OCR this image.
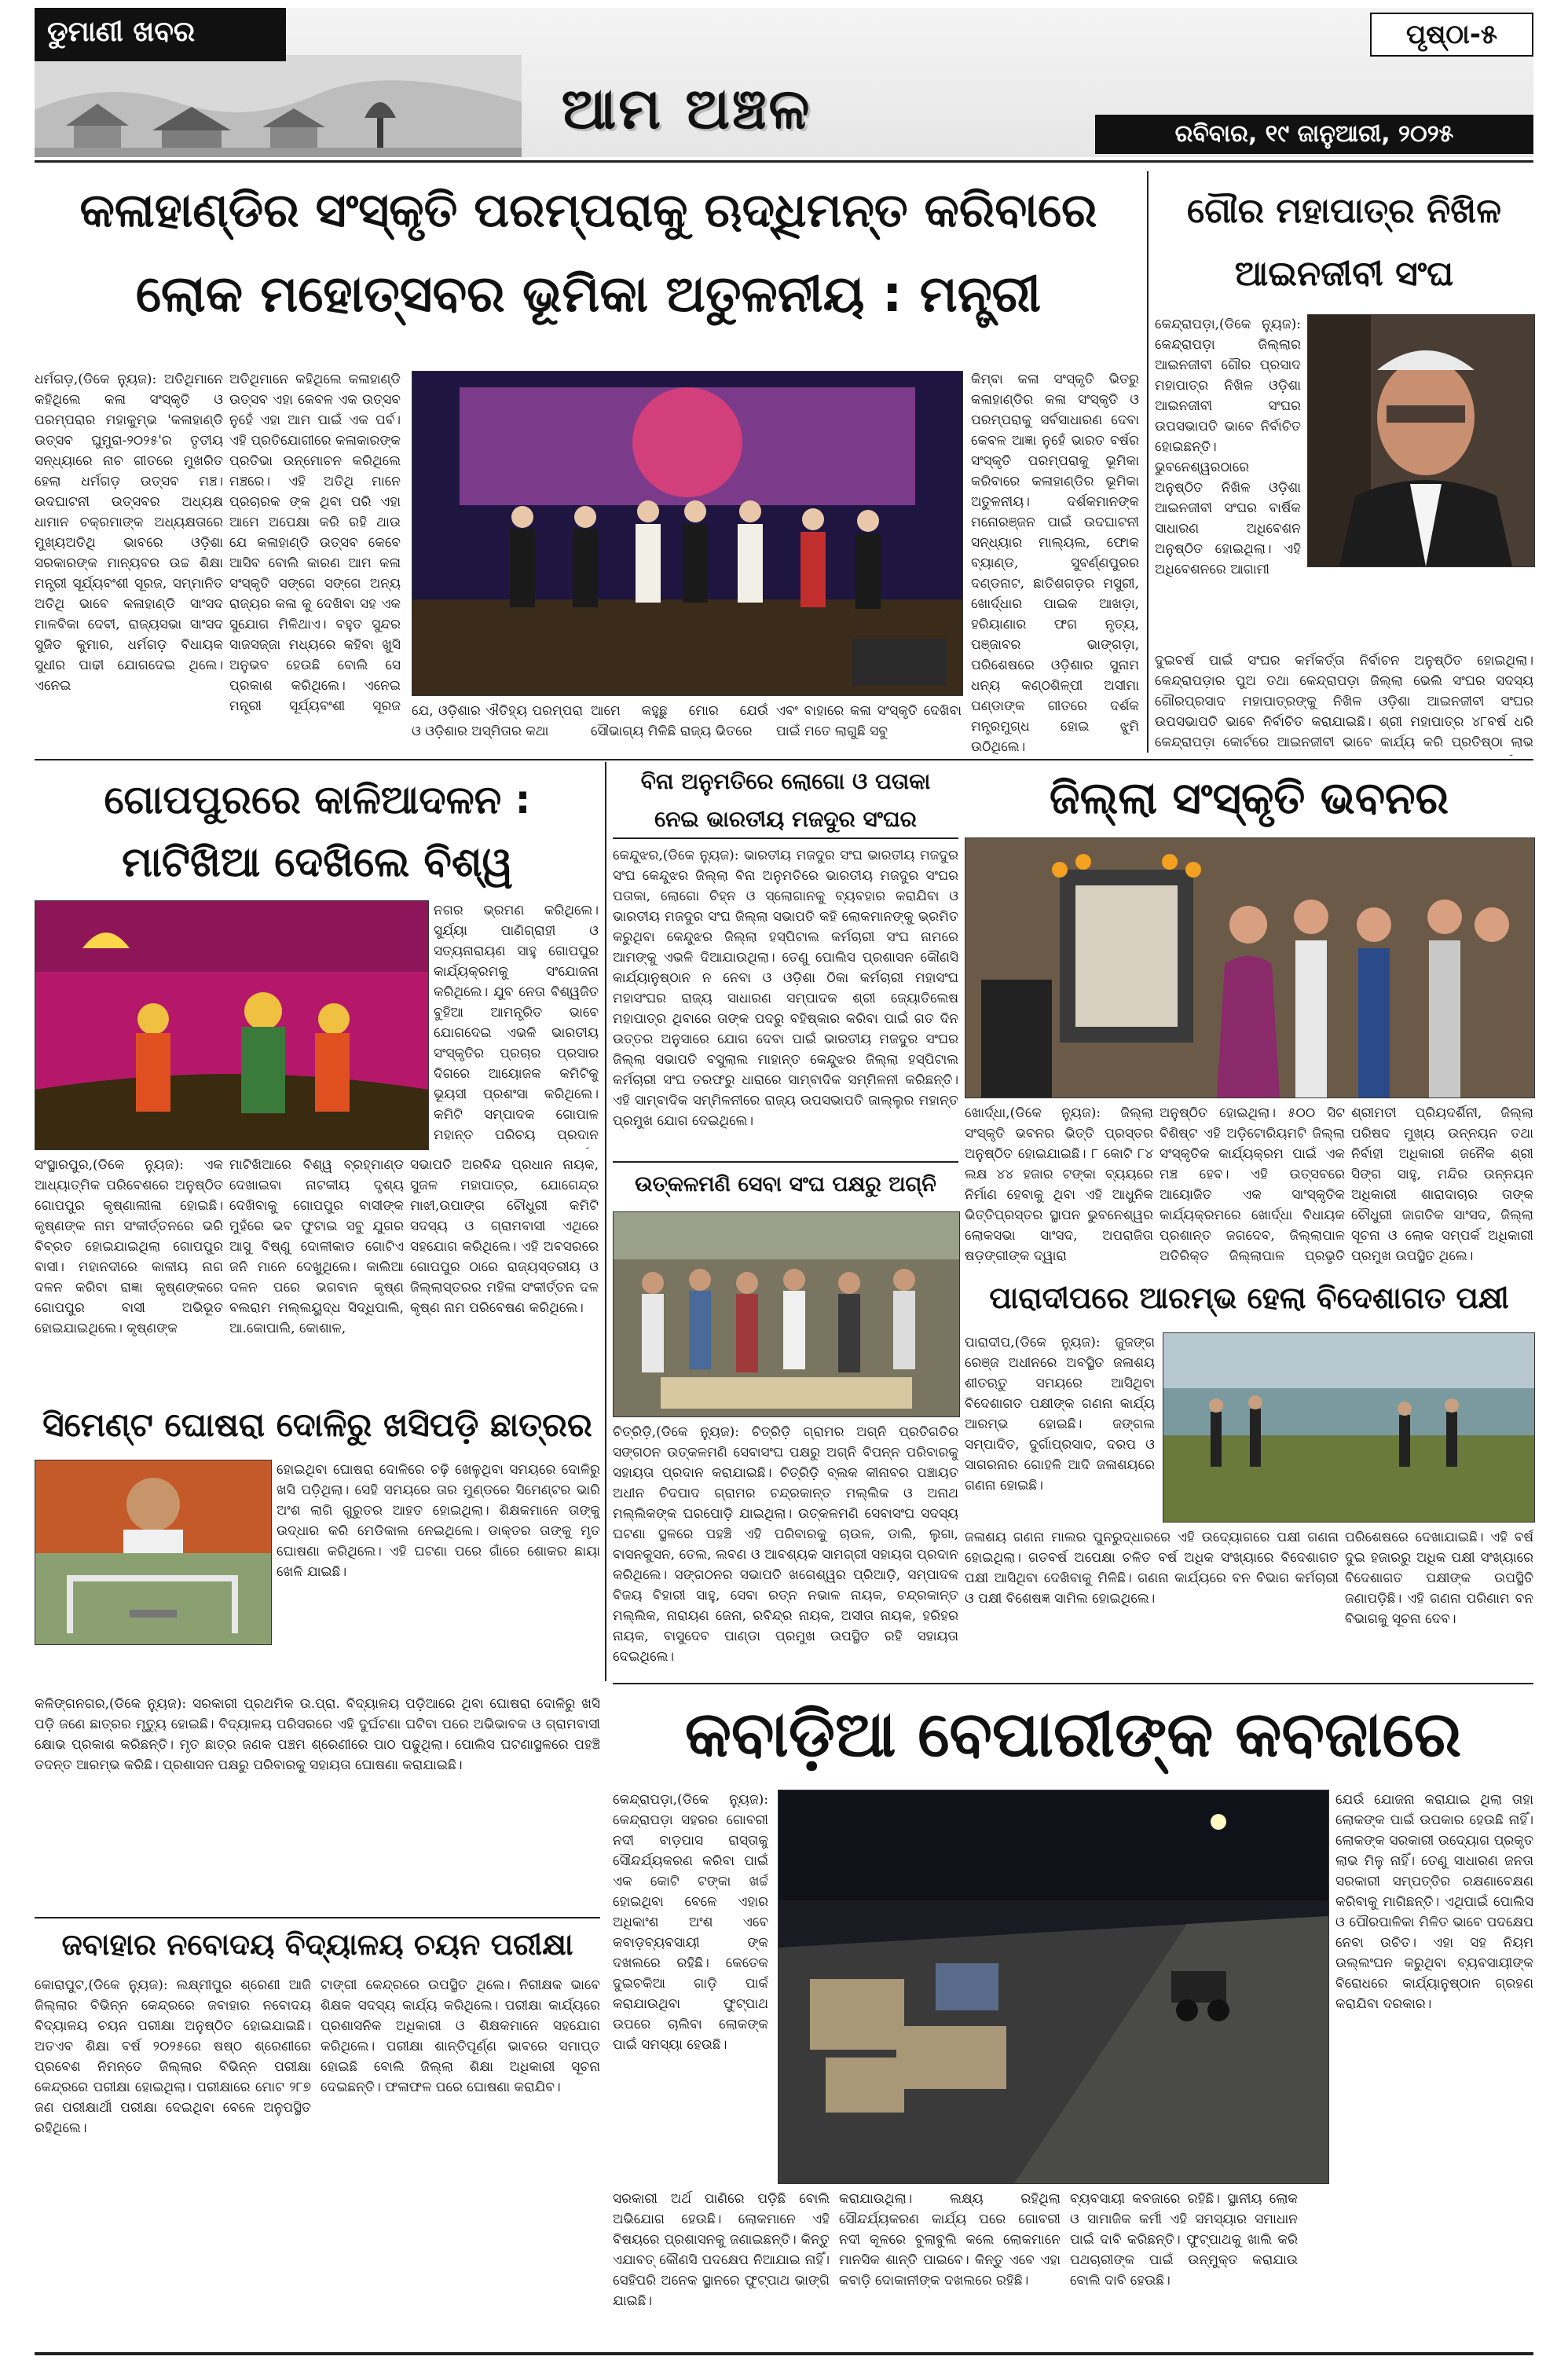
ଡୁମାଣୀ ଖବର
ଆମ ଅଞ୍ଚଳ
ପୃଷ୍ଠା-୫
ରବିବାର, ୧୯ ଜାନୁଆରୀ, ୨୦୨୫
କଳାହାଣ୍ଡିର ସଂସ୍କୃତି ପରମ୍ପରାକୁ ଋଦ୍ଧିମନ୍ତ କରିବାରେ
ଲୋକ ମହୋତ୍ସବର ଭୂମିକା ଅତୁଳନୀୟ : ମନ୍ତ୍ରୀ
ଧର୍ମଗଡ଼,(ଡିକେ ନ୍ୟୁଜ): ଅତିଥିମାନେ କହିଥିଲେ କଳା ସଂସ୍କୃତି ଓ ପରମ୍ପରାର ମହାକୁମ୍ଭ 'କଳାହାଣ୍ଡି ଉତ୍ସବ ଘୁମୁରା-୨୦୨୫'ର ତୃତୀୟ ସନ୍ଧ୍ୟାରେ ନାଚ ଗୀତରେ ମୁଖରିତ ହେଲା ଧର୍ମଗଡ଼ ଉତ୍ସବ ମଞ୍ଚ। ଉଦଘାଟନୀ ଉତ୍ସବର ଅଧ୍ୟକ୍ଷ ଧାମାନ ଚକ୍ରମାଙ୍କ ଅଧ୍ୟକ୍ଷତାରେ ମୁଖ୍ୟଅତିଥି ଭାବରେ ଓଡ଼ିଶା ସରକାରଙ୍କ ମାନ୍ୟବର ଉଚ୍ଚ ଶିକ୍ଷା ମନ୍ତ୍ରୀ ସୂର୍ଯ୍ୟବଂଶୀ ସୂରଜ, ସମ୍ମାନିତ ଅତିଥି ଭାବେ କଳାହାଣ୍ଡି ସାଂସଦ ମାଳବିକା ଦେବୀ, ରାଜ୍ୟସଭା ସାଂସଦ ସୁଜିତ କୁମାର, ଧର୍ମଗଡ଼ ବିଧାୟକ ସୁଧୀର ପାଢୀ ଯୋଗଦେଇ ଥିଲେ। ଏନେଇ
ଅତିଥିମାନେ କହିଥିଲେ କଳାହାଣ୍ଡି ଉତ୍ସବ ଏହା କେବଳ ଏକ ଉତ୍ସବ ନୁହେଁ ଏହା ଆମ ପାଇଁ ଏକ ପର୍ବ। ଏହି ପ୍ରତିଯୋଗୀରେ କଳାକାରଙ୍କ ପ୍ରତିଭା ଉନ୍ମୋଚନ କରିଥିଲେ ମଞ୍ଚରେ। ଏହି ଅତିଥି ମାନେ ପ୍ରଚାରକ ଙ୍କ ଥିବା ପରି ଏହା ଆମେ ଅପେକ୍ଷା କରି ରହି ଥାଉ ଯେ କଳାହାଣ୍ଡି ଉତ୍ସବ କେବେ ଆସିବ ବୋଲି କାରଣ ଆମ କଳା ସଂସ୍କୃତି ସଙ୍ଗେ ସଙ୍ଗେ ଅନ୍ୟ ରାଜ୍ୟର କଳା କୁ ଦେଖିବା ସହ ଏକ ସୁଯୋଗ ମିଳିଥାଏ। ବହୁତ ସୁନ୍ଦର ସାଜସଜ୍ଜା ମଧ୍ୟରେ କହିବା ଖୁସି ଅନୁଭବ ହେଉଛି ବୋଲି ସେ ପ୍ରକାଶ କରିଥିଲେ। ଏନେଇ ମନ୍ତ୍ରୀ ସୂର୍ଯ୍ୟବଂଶୀ ସୂରଜ ଯେ, ଓଡ଼ିଶାର ଐତିହ୍ୟ ପରମ୍ପରା ଓ ଓଡ଼ିଶାର ଅସ୍ମିତାର କଥା
ଆମେ କହୁଛୁ ମୋର ଯେଉଁ ସୌଭାଗ୍ୟ ମିଳିଛି ରାଜ୍ୟ ଭିତରେ
ଏବଂ ବାହାରେ କଳା ସଂସ୍କୃତି ଦେଖିବା ପାଇଁ ମତେ ଲାଗୁଛି ସବୁ
କିମ୍ବା କଳା ସଂସ୍କୃତି ଭିତରୁ କଳାହାଣ୍ଡିର କଳା ସଂସ୍କୃତି ଓ ପରମ୍ପରାକୁ ସର୍ବସାଧାରଣ ଦେବା କେବଳ ଆଜ୍ଞା ନୁହେଁ ଭାରତ ବର୍ଷର ସଂସ୍କୃତି ପରମ୍ପରାକୁ ଭୂମିକା କରିବାରେ କଳାହାଣ୍ଡିର ଭୂମିକା ଅତୁଳନୀୟ। ଦର୍ଶକମାନଙ୍କ ମନୋରଞ୍ଜନ ପାଇଁ ଉଦଘାଟନୀ ସନ୍ଧ୍ୟାର ମାଲ୍ୟଲ, ଫୋକ ବ୍ୟାଣ୍ଡ, ସୁବର୍ଣ୍ଣପୁରର ଦଣ୍ଡନାଟ, ଛାତିଶଗଡ଼ର ମସୁରୀ, ଖୋର୍ଦ୍ଧାର ପାଇକ ଆଖଡ଼ା, ହରିୟାଣାର ଫଗ ନୃତ୍ୟ, ପଞ୍ଜାବର ଭାଙ୍ଗଡ଼ା, ପରିଶେଷରେ ଓଡ଼ିଶାର ସୁନାମ ଧନ୍ୟ କଣ୍ଠଶିଳ୍ପୀ ଅସୀମା ପଣ୍ଡାଙ୍କ ଗୀତରେ ଦର୍ଶକ ମନ୍ତ୍ରମୁଗ୍ଧ ହୋଇ ଝୁମି ଉଠିଥିଲେ।
ଗୌର ମହାପାତ୍ର ନିଖିଳ
ଆଇନଜୀବୀ ସଂଘ
କେନ୍ଦ୍ରାପଡ଼ା,(ଡିକେ ନ୍ୟୁଜ): କେନ୍ଦ୍ରାପଡ଼ା ଜିଲ୍ଲାର ଆଇନଜୀବୀ ଗୌର ପ୍ରସାଦ ମହାପାତ୍ର ନିଖିଳ ଓଡ଼ିଶା ଆଇନଜୀବୀ ସଂଘର ଉପସଭାପତି ଭାବେ ନିର୍ବାଚିତ ହୋଇଛନ୍ତି। ଭୁବନେଶ୍ୱରଠାରେ ଅନୁଷ୍ଠିତ ନିଖିଳ ଓଡ଼ିଶା ଆଇନଜୀବୀ ସଂଘର ବାର୍ଷିକ ସାଧାରଣ ଅଧିବେଶନ ଅନୁଷ୍ଠିତ ହୋଇଥିଲା। ଏହି ଅଧିବେଶନରେ ଆଗାମୀ
ଦୁଇବର୍ଷ ପାଇଁ ସଂଘର କର୍ମକର୍ତ୍ତା ନିର୍ବାଚନ ଅନୁଷ୍ଠିତ ହୋଇଥିଲା। କେନ୍ଦ୍ରାପଡ଼ାର ପୁଅ ତଥା କେନ୍ଦ୍ରାପଡ଼ା ଜିଲ୍ଲା ଭେଲି ସଂଘର ସଦସ୍ୟ ଗୌରପ୍ରସାଦ ମହାପାତ୍ରଙ୍କୁ ନିଖିଳ ଓଡ଼ିଶା ଆଇନଜୀବୀ ସଂଘର ଉପସଭାପତି ଭାବେ ନିର୍ବାଚିତ କରାଯାଇଛି। ଶ୍ରୀ ମହାପାତ୍ର ୪୮ବର୍ଷ ଧରି କେନ୍ଦ୍ରାପଡ଼ା କୋର୍ଟରେ ଆଇନଜୀବୀ ଭାବେ କାର୍ଯ୍ୟ କରି ପ୍ରତିଷ୍ଠା ଲାଭ
ଗୋପପୁରରେ କାଳିଆଦଳନ :
ମାଟିଖିଆ ଦେଖିଲେ ବିଶ୍ୱ
ନଗର ଭ୍ରମଣ କରିଥିଲେ। ସୁର୍ଯ୍ୟା ପାଣିଗ୍ରାହୀ ଓ ସତ୍ୟନାରାୟଣ ସାହୁ ଗୋପପୁର କାର୍ଯ୍ୟକ୍ରମକୁ ସଂଯୋଜନା କରିଥିଲେ। ଯୁବ ନେତା ବିଶ୍ୱଜିତ ବୁହିଆ ଆମନ୍ତ୍ରିତ ଭାବେ ଯୋଗଦେଇ ଏଭଳି ଭାରତୀୟ ସଂସ୍କୃତିର ପ୍ରଚାର ପ୍ରସାର ଦିଗରେ ଆୟୋଜକ କମିଟିକୁ ଭୂୟସୀ ପ୍ରଶଂସା କରିଥିଲେ। କମିଟି ସମ୍ପାଦକ ଗୋପାଳ ମହାନ୍ତ ପରିଚୟ ପ୍ରଦାନ
ସଂସ୍ଥାରପୁର,(ଡିକେ ନ୍ୟୁଜ): ଏକ ଆଧ୍ୟାତ୍ମିକ ପରିବେଶରେ ଅନୁଷ୍ଠିତ ଗୋପପୁର କୃଷ୍ଣାଲୀଳା ହୋଇଛି। କୃଷ୍ଣଙ୍କ ନାମ ସଂକୀର୍ତ୍ତନରେ ଭରି ବିବ୍ରତ ହୋଇଯାଇଥିଲା ଗୋପପୁର ବାସୀ। ମହାନଦୀରେ କାଳୀୟ ନାଗ ଦଳନ କରିବା ରାଜ୍ଞା କୃଷ୍ଣଙ୍କରେ ଗୋପପୁର ବାସୀ ଅଭିଭୂତ ହୋଇଯାଇଥିଲେ। କୃଷ୍ଣଙ୍କ
ମାଟିଖିଆରେ ବିଶ୍ୱ ବ୍ରହ୍ମାଣ୍ଡ ଦେଖାଇବା ନାଟକୀୟ ଦୃଶ୍ୟ ଦେଖିବାକୁ ଗୋପପୁର ବାସୀଙ୍କ ମୁହଁରେ ଭବ ଫୁଟାଇ ସବୁ ଯୁଗର ଆସୁ ବିଷ୍ଣୁ ଦୋଳୀକାଡ ଗୋଟିଏ ଜନି ମାନେ ଦେଖୁଥିଲେ। କାଲିଆ ଦଳନ ପରେ ଭଗବାନ କୃଷ୍ଣ ବଲରାମ ମଲ୍ଲୟୁଦ୍ଧ ସିଦ୍ଧିପାଲି, ଆ.କୋପାଲି, କୋଶାଳ,
ସଭାପତି ଅରବିନ୍ଦ ପ୍ରଧାନ ନାୟକ, ସୁଜଳ ମହାପାତ୍ର, ଯୋଗେନ୍ଦ୍ର ମାଝୀ,ଉପାଙ୍ଗ ଚୌଧୁରୀ କମିଟି ସଦସ୍ୟ ଓ ଗ୍ରାମବାସୀ ଏଥିରେ ସହଯୋଗ କରିଥିଲେ। ଏହି ଅବସରରେ ଗୋପପୁର ଠାରେ ରାଜ୍ୟସ୍ତରୀୟ ଓ ଜିଲ୍ଲାସ୍ତରର ମହିଳା ସଂକୀର୍ତ୍ତନ ଦଳ କୃଷ୍ଣ ନାମ ପରିବେଷଣ କରିଥିଲେ।
ବିନା ଅନୁମତିରେ ଲୋଗୋ ଓ ପତାକା
ନେଇ ଭାରତୀୟ ମଜଦୁର ସଂଘର
କେନ୍ଦୁଝର,(ଡିକେ ନ୍ୟୁଜ): ଭାରତୀୟ ମଜଦୁର ସଂଘ ଭାରତୀୟ ମଜଦୁର ସଂଘ କେନ୍ଦୁଝର ଜିଲ୍ଲା ବିନା ଅନୁମତିରେ ଭାରତୀୟ ମଜଦୁର ସଂଘର ପତାକା, ଲୋଗୋ ଚିହ୍ନ ଓ ସ୍ଲୋଗାନକୁ ବ୍ୟବହାର କରାଯିବା ଓ ଭାରତୀୟ ମଜଦୁର ସଂଘ ଜିଲ୍ଲା ସଭାପତି କହି ଲୋକମାନଙ୍କୁ ଭ୍ରମିତ କରୁଥିବା କେନ୍ଦୁଝର ଜିଲ୍ଲା ହସ୍ପିଟାଲ କର୍ମଚାରୀ ସଂଘ ନାମରେ ଆମଙ୍କୁ ଏଭଳି ଦିଆଯାଉଥିଲା। ତେଣୁ ପୋଲିସ ପ୍ରଶାସନ କୌଣସି କାର୍ଯ୍ୟାନୁଷ୍ଠାନ ନ ନେବା ଓ ଓଡ଼ିଶା ଠିକା କର୍ମଚାରୀ ମହାସଂଘ ମହାସଂଘର ରାଜ୍ୟ ସାଧାରଣ ସମ୍ପାଦକ ଶ୍ରୀ ଜ୍ୟୋତିଲେଷ ମହାପାତ୍ର ଥିବାରେ ତାଙ୍କ ପଦରୁ ବହିଷ୍କାର କରିବା ପାଇଁ ଗତ ଦିନ ଉତ୍ତର ଅନୁସାରେ ଯୋଗ ଦେବା ପାଇଁ ଭାରତୀୟ ମଜଦୁର ସଂଘର ଜିଲ୍ଲା ସଭାପତି ବସୁଲାଲ ମାହାନ୍ତ କେନ୍ଦୁଝର ଜିଲ୍ଲା ହସ୍ପିଟାଲ କର୍ମଚାରୀ ସଂଘ ତରଫରୁ ଧାରାରେ ସାମ୍ବାଦିକ ସମ୍ମିଳନୀ କରିଛନ୍ତି। ଏହି ସାମ୍ବାଦିକ ସମ୍ମିଳନୀରେ ରାଜ୍ୟ ଉପସଭାପତି ଜାଲ୍ଲୁର ମହାନ୍ତ ପ୍ରମୁଖ ଯୋଗ ଦେଇଥିଲେ।
ଜିଲ୍ଲା ସଂସ୍କୃତି ଭବନର
ଖୋର୍ଦ୍ଧା,(ଡିକେ ନ୍ୟୁଜ): ଜିଲ୍ଲା ସଂସ୍କୃତି ଭବନର ଭିତ୍ତି ପ୍ରସ୍ତର ଅନୁଷ୍ଠିତ ହୋଇଯାଇଛି। ୮ କୋଟି ୮୪ ଲକ୍ଷ ୪୪ ହଜାର ଟଙ୍କା ବ୍ୟୟରେ ନିର୍ମାଣ ହେବାକୁ ଥିବା ଏହି ଆଧୁନିକ ଭିତ୍ତିପ୍ରସ୍ତର ସ୍ଥାପନ ଭୁବନେଶ୍ୱର ଲୋକସଭା ସାଂସଦ, ଅପରାଜିତା ଷଡ଼ଙ୍ଗୀଙ୍କ ଦ୍ୱାରା
ଅନୁଷ୍ଠିତ ହୋଇଥିଲା। ୫୦୦ ସିଟ ବିଶିଷ୍ଟ ଏହି ଅଡ଼ିଟୋରିୟମଟି ଜିଲ୍ଲା ସଂସ୍କୃତିକ କାର୍ଯ୍ୟକ୍ରମ ପାଇଁ ଏକ ମଞ୍ଚ ହେବ। ଏହି ଉତ୍ସବରେ ଆୟୋଜିତ ଏକ ସାଂସ୍କୃତିକ କାର୍ଯ୍ୟକ୍ରମରେ ଖୋର୍ଦ୍ଧା ବିଧାୟକ ପ୍ରଶାନ୍ତ ଜଗଦେବ, ଜିଲ୍ଲାପାଳ ଅତିରିକ୍ତ ଜିଲ୍ଲାପାଳ ପ୍ରଭୃତି
ଶ୍ରୀମତୀ ପ୍ରିୟଦର୍ଶିନୀ, ଜିଲ୍ଲା ପରିଷଦ ମୁଖ୍ୟ ଉନ୍ନୟନ ତଥା ନିର୍ବାହୀ ଅଧିକାରୀ ଜନୈକ ଶ୍ରୀ ସିଙ୍ଗ ସାହୁ, ମନ୍ଦିର ଉନ୍ନୟନ ଅଧିକାରୀ ଶାରାଦାଚାର ତାଙ୍କ ଚୌଧୁରୀ ଜାଗତିକ ସାଂସଦ, ଜିଲ୍ଲା ସୂଚନା ଓ ଲୋକ ସମ୍ପର୍କ ଅଧିକାରୀ ପ୍ରମୁଖ ଉପସ୍ଥିତ ଥିଲେ।
ଉତ୍କଳମଣି ସେବା ସଂଘ ପକ୍ଷରୁ ଅଗ୍ନି
ଚିତ୍ରିଡ଼ି,(ଡିକେ ନ୍ୟୁଜ): ଚିତ୍ରିଡ଼ି ଗ୍ରାମର ଅଗ୍ନି ପ୍ରତିଗତିର ସଙ୍ଗଠନ ଉତ୍କଳମଣି ସେବାସଂଘ ପକ୍ଷରୁ ଅଗ୍ନି ବିପନ୍ନ ପରିବାରକୁ ସହାୟତା ପ୍ରଦାନ କରାଯାଇଛି। ଚିତ୍ରିଡ଼ି ବ୍ଲକ କୀନାବର ପଞ୍ଚାୟତ ଅଧୀନ ଚିଦପାଦ ଗ୍ରାମର ଚନ୍ଦ୍ରକାନ୍ତ ମଲ୍ଲିକ ଓ ଅନାଥ ମଲ୍ଲିକଙ୍କ ଘରପୋଡ଼ି ଯାଇଥିଲା। ଉତ୍କଳମଣି ସେବାସଂଘ ସଦସ୍ୟ ଘଟଣା ସ୍ଥଳରେ ପହଞ୍ଚି ଏହି ପରିବାରକୁ ଚାଉଳ, ଡାଲି, ଲୁଗା, ବାସନକୁସନ, ତେଲ, ଲବଣ ଓ ଆବଶ୍ୟକ ସାମଗ୍ରୀ ସହାୟତା ପ୍ରଦାନ କରିଥିଲେ। ସଙ୍ଗଠନର ସଭାପତି ଖଗେଶ୍ୱର ପ୍ରିଆଡ଼ି, ସମ୍ପାଦକ ବିଜୟ ବିହାରୀ ସାହୁ, ସେବା ରତ୍ନ ନଭାଳ ନାୟକ, ଚନ୍ଦ୍ରକାନ୍ତ ମଲ୍ଲିକ, ନାରାୟଣ ଜେନା, ରବିନ୍ଦ୍ର ନାୟକ, ଅସୀତା ନାୟକ, ହରିହର ନାୟକ, ବାସୁଦେବ ପାଣ୍ଡା ପ୍ରମୁଖ ଉପସ୍ଥିତ ରହି ସହାୟତା ଦେଇଥିଲେ।
ପାରାଦୀପରେ ଆରମ୍ଭ ହେଲା ବିଦେଶାଗତ ପକ୍ଷୀ
ପାରାଦୀପ,(ଡିକେ ନ୍ୟୁଜ): ଜୁଜଙ୍ଗ ରେଞ୍ଜ ଅଧୀନରେ ଅବସ୍ଥିତ ଜଳାଶୟ ଶୀତଋତୁ ସମୟରେ ଆସିଥିବା ବିଦେଶାଗତ ପକ୍ଷୀଙ୍କ ଗଣନା କାର୍ଯ୍ୟ ଆରମ୍ଭ ହୋଇଛି। ଜଙ୍ଗଲ ସମ୍ପାଦିତ, ଦୁର୍ଗାପ୍ରସାଦ, ଦରପ ଓ ସାଗରନାର ଗୋହଳି ଆଦି ଜଳାଶୟରେ ଗଣନା ହୋଇଛି।
ଜଳାଶୟ ଗଣନା ମାଲର ପୁନରୁଦ୍ଧାରରେ ଏହି ଉଦ୍ୟୋଗରେ ପକ୍ଷୀ ଗଣନା ହୋଇଥିଲା। ଗତବର୍ଷ ଅପେକ୍ଷା ଚଳିତ ବର୍ଷ ଅଧିକ ସଂଖ୍ୟାରେ ବିଦେଶାଗତ ପକ୍ଷୀ ଆସିଥିବା ଦେଖିବାକୁ ମିଳିଛି। ଗଣନା କାର୍ଯ୍ୟରେ ବନ ବିଭାଗ କର୍ମଚାରୀ ଓ ପକ୍ଷୀ ବିଶେଷଜ୍ଞ ସାମିଲ ହୋଇଥିଲେ।
ପରିଶେଷରେ ଦେଖାଯାଇଛି। ଏହି ବର୍ଷ ଦୁଇ ହଜାରରୁ ଅଧିକ ପକ୍ଷୀ ସଂଖ୍ୟାରେ ବିଦେଶାଗତ ପକ୍ଷୀଙ୍କ ଉପସ୍ଥିତି ଜଣାପଡ଼ିଛି। ଏହି ଗଣନା ପରିଣାମ ବନ ବିଭାଗକୁ ସୂଚନା ଦେବ।
ସିମେଣ୍ଟ ଘୋଷରା ଦୋଳିରୁ ଖସିପଡ଼ି ଛାତ୍ରର
ହୋଇଥିବା ଘୋଷରା ଦୋଳିରେ ଚଢ଼ି ଖେଳୁଥିବା ସମୟରେ ଦୋଳିରୁ ଖସି ପଡ଼ିଥିଲା। ସେହି ସମୟରେ ତାର ମୁଣ୍ଡରେ ସିମେଣ୍ଟର ଭାରି ଅଂଶ ଲାଗି ଗୁରୁତର ଆହତ ହୋଇଥିଲା। ଶିକ୍ଷକମାନେ ତାଙ୍କୁ ଉଦ୍ଧାର କରି ମେଡିକାଲ ନେଇଥିଲେ। ଡାକ୍ତର ତାଙ୍କୁ ମୃତ ଘୋଷଣା କରିଥିଲେ। ଏହି ଘଟଣା ପରେ ଗାଁରେ ଶୋକର ଛାୟା ଖେଳି ଯାଇଛି।
କଳିଙ୍ଗନଗର,(ଡିକେ ନ୍ୟୁଜ): ସରକାରୀ ପ୍ରଥମିକ ଉ.ପ୍ରା. ବିଦ୍ୟାଳୟ ପଡ଼ିଆରେ ଥିବା ଘୋଷରା ଦୋଳିରୁ ଖସି ପଡ଼ି ଜଣେ ଛାତ୍ରର ମୃତ୍ୟୁ ହୋଇଛି। ବିଦ୍ୟାଳୟ ପରିସରରେ ଏହି ଦୁର୍ଘଟଣା ଘଟିବା ପରେ ଅଭିଭାବକ ଓ ଗ୍ରାମବାସୀ କ୍ଷୋଭ ପ୍ରକାଶ କରିଛନ୍ତି। ମୃତ ଛାତ୍ର ଜଣକ ପଞ୍ଚମ ଶ୍ରେଣୀରେ ପାଠ ପଢୁଥିଲା। ପୋଲିସ ଘଟଣାସ୍ଥଳରେ ପହଞ୍ଚି ତଦନ୍ତ ଆରମ୍ଭ କରିଛି। ପ୍ରଶାସନ ପକ୍ଷରୁ ପରିବାରକୁ ସହାୟତା ଘୋଷଣା କରାଯାଇଛି।
ଜବାହାର ନବୋଦୟ ବିଦ୍ୟାଳୟ ଚୟନ ପରୀକ୍ଷା
କୋରାପୁଟ,(ଡିକେ ନ୍ୟୁଜ): ଲକ୍ଷ୍ମୀପୁର ଶ୍ରେଣୀ ଆଜି ଜିଲ୍ଲାର ବିଭିନ୍ନ କେନ୍ଦ୍ରରେ ଜବାହାର ନବୋଦୟ ବିଦ୍ୟାଳୟ ଚୟନ ପରୀକ୍ଷା ଅନୁଷ୍ଠିତ ହୋଇଯାଇଛି। ଅତଏବ ଶିକ୍ଷା ବର୍ଷ ୨୦୨୫ରେ ଷଷ୍ଠ ଶ୍ରେଣୀରେ ପ୍ରବେଶ ନିମନ୍ତେ ଜିଲ୍ଲାର ବିଭିନ୍ନ ପରୀକ୍ଷା କେନ୍ଦ୍ରରେ ପରୀକ୍ଷା ହୋଇଥିଲା। ପରୀକ୍ଷାରେ ମୋଟ ୨୮୭ ଜଣ ପରୀକ୍ଷାର୍ଥୀ ପରୀକ୍ଷା ଦେଇଥିବା ବେଳେ ଅନୁପସ୍ଥିତ ରହିଥିଲେ।
ଟାଙ୍ଗୀ କେନ୍ଦ୍ରରେ ଉପସ୍ଥିତ ଥିଲେ। ନିରୀକ୍ଷକ ଭାବେ ଶିକ୍ଷକ ସଦସ୍ୟ କାର୍ଯ୍ୟ କରିଥିଲେ। ପରୀକ୍ଷା କାର୍ଯ୍ୟରେ ପ୍ରଶାସନିକ ଅଧିକାରୀ ଓ ଶିକ୍ଷକମାନେ ସହଯୋଗ କରିଥିଲେ। ପରୀକ୍ଷା ଶାନ୍ତିପୂର୍ଣ୍ଣ ଭାବରେ ସମାପ୍ତ ହୋଇଛି ବୋଲି ଜିଲ୍ଲା ଶିକ୍ଷା ଅଧିକାରୀ ସୂଚନା ଦେଇଛନ୍ତି। ଫଳାଫଳ ପରେ ଘୋଷଣା କରାଯିବ।
କବାଡ଼ିଆ ବେପାରୀଙ୍କ କବଜାରେ
କେନ୍ଦ୍ରାପଡ଼ା,(ଡିକେ ନ୍ୟୁଜ): କେନ୍ଦ୍ରାପଡ଼ା ସହରର ଗୋବରୀ ନଦୀ ବାଡ଼ପାସ ରାସ୍ତାକୁ ସୌନ୍ଦର୍ଯ୍ୟକରଣ କରିବା ପାଇଁ ଏକ କୋଟି ଟଙ୍କା ଖର୍ଚ୍ଚ ହୋଇଥିବା ବେଳେ ଏହାର ଅଧିକାଂଶ ଅଂଶ ଏବେ କବାଡ଼ବ୍ୟବସାୟୀ ଙ୍କ ଦଖଲରେ ରହିଛି। କେତେକ ଦୁଇଚକିଆ ଗାଡ଼ି ପାର୍କ କରାଯାଉଥିବା ଫୁଟ୍‌ପାଥ ଉପରେ ଚାଲିବା ଲୋକଙ୍କ ପାଇଁ ସମସ୍ୟା ହେଉଛି।
ଯେଉଁ ଯୋଜନା କରାଯାଇ ଥିଲା ତାହା ଲୋକଙ୍କ ପାଇଁ ଉପକାର ହେଉଛି ନାହିଁ। ଲୋକଙ୍କ ସରକାରୀ ଉଦ୍ୟୋଗ ପ୍ରକୃତ ଲାଭ ମିଳୁ ନାହିଁ। ତେଣୁ ସାଧାରଣ ଜନତା ସରକାରୀ ସମ୍ପତ୍ତିର ରକ୍ଷଣାବେକ୍ଷଣ କରିବାକୁ ମାଗିଛନ୍ତି। ଏଥିପାଇଁ ପୋଲିସ ଓ ପୌରପାଳିକା ମିଳିତ ଭାବେ ପଦକ୍ଷେପ ନେବା ଉଚିତ। ଏହା ସହ ନିୟମ ଉଲ୍ଲଂଘନ କରୁଥିବା ବ୍ୟବସାୟୀଙ୍କ ବିରୋଧରେ କାର୍ଯ୍ୟାନୁଷ୍ଠାନ ଗ୍ରହଣ କରାଯିବା ଦରକାର।
ସରକାରୀ ଅର୍ଥ ପାଣିରେ ପଡ଼ିଛି ବୋଲି ଅଭିଯୋଗ ହେଉଛି। ଲୋକମାନେ ଏହି ବିଷୟରେ ପ୍ରଶାସନକୁ ଜଣାଇଛନ୍ତି। କିନ୍ତୁ ଏଯାବତ୍ କୌଣସି ପଦକ୍ଷେପ ନିଆଯାଇ ନାହିଁ। ସେହିପରି ଅନେକ ସ୍ଥାନରେ ଫୁଟ୍‌ପାଥ ଭାଙ୍ଗି ଯାଇଛି।
କରାଯାଉଥିଲା। ଲକ୍ଷ୍ୟ ରହିଥିଲା ସୌନ୍ଦର୍ଯ୍ୟକରଣ କାର୍ଯ୍ୟ ପରେ ଗୋବରୀ ନଦୀ କୂଳରେ ବୁଲାବୁଲି କଲେ ଲୋକମାନେ ମାନସିକ ଶାନ୍ତି ପାଇବେ। କିନ୍ତୁ ଏବେ ଏହା କବାଡ଼ି ଦୋକାନୀଙ୍କ ଦଖଲରେ ରହିଛି।
ବ୍ୟବସାୟୀ କବଜାରେ ରହିଛି। ସ୍ଥାନୀୟ ଲୋକ ଓ ସାମାଜିକ କର୍ମୀ ଏହି ସମସ୍ୟାର ସମାଧାନ ପାଇଁ ଦାବି କରିଛନ୍ତି। ଫୁଟ୍‌ପାଥକୁ ଖାଲି କରି ପଥଚାରୀଙ୍କ ପାଇଁ ଉନ୍ମୁକ୍ତ କରାଯାଉ ବୋଲି ଦାବି ହେଉଛି।
